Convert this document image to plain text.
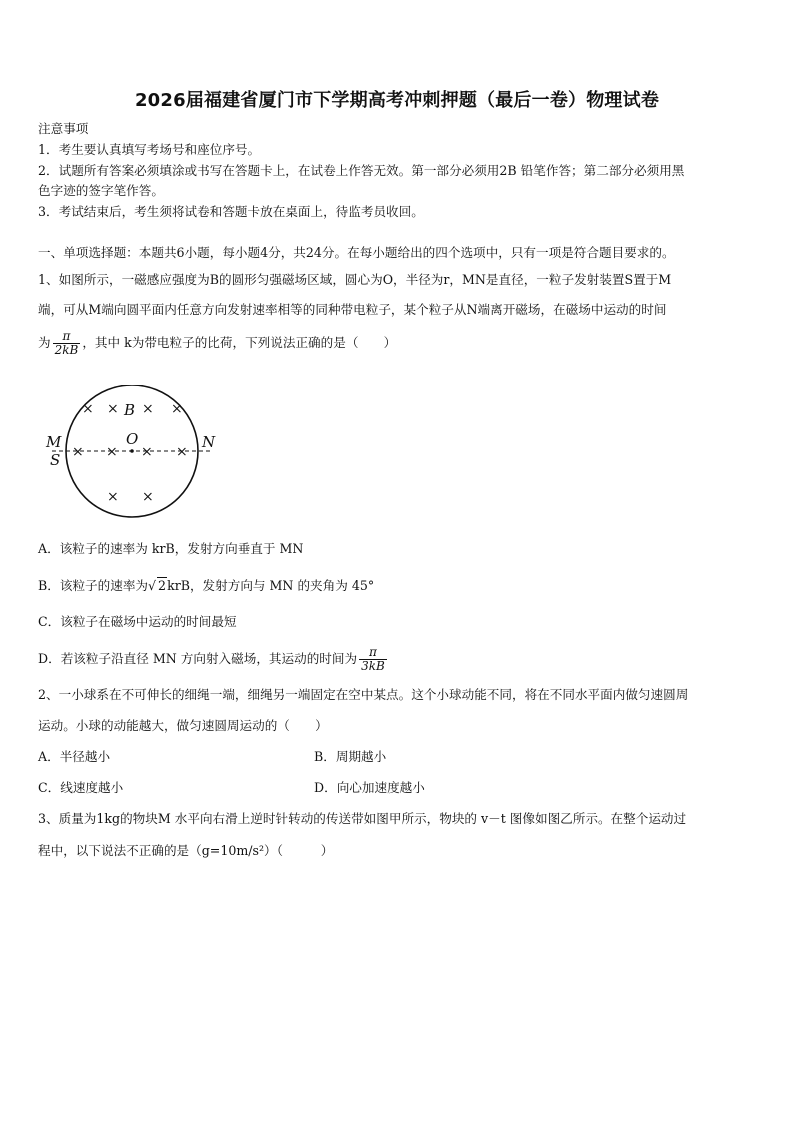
2026届福建省厦门市下学期高考冲刺押题（最后一卷）物理试卷
注意事项
1．考生要认真填写考场号和座位序号。
2．试题所有答案必须填涂或书写在答题卡上，在试卷上作答无效。第一部分必须用2B 铅笔作答；第二部分必须用黑
色字迹的签字笔作答。
3．考试结束后，考生须将试卷和答题卡放在桌面上，待监考员收回。
一、单项选择题：本题共6小题，每小题4分，共24分。在每小题给出的四个选项中，只有一项是符合题目要求的。
1、如图所示，一磁感应强度为B的圆形匀强磁场区域，圆心为O，半径为r，MN是直径，一粒子发射装置S置于M
端，可从M端向圆平面内任意方向发射速率相等的同种带电粒子，某个粒子从N端离开磁场，在磁场中运动的时间
为 $\frac{\pi}{2kB}$ ，其中 k为带电粒子的比荷，下列说法正确的是（　　）
× × × ×
× × × ×
× ×
B
O
M
S
N
A．该粒子的速率为 krB，发射方向垂直于 MN
B．该粒子的速率为√ 2krB，发射方向与 MN 的夹角为 45°
C．该粒子在磁场中运动的时间最短
D．若该粒子沿直径 MN 方向射入磁场，其运动的时间为 $\frac{\pi}{3kB}$
2、一小球系在不可伸长的细绳一端，细绳另一端固定在空中某点。这个小球动能不同，将在不同水平面内做匀速圆周
运动。小球的动能越大，做匀速圆周运动的（　　）
A．半径越小	B．周期越小
C．线速度越小	D．向心加速度越小
3、质量为1kg的物块M 水平向右滑上逆时针转动的传送带如图甲所示，物块的 v－t 图像如图乙所示。在整个运动过
程中，以下说法不正确的是（g=10m/s²）（　　　）
